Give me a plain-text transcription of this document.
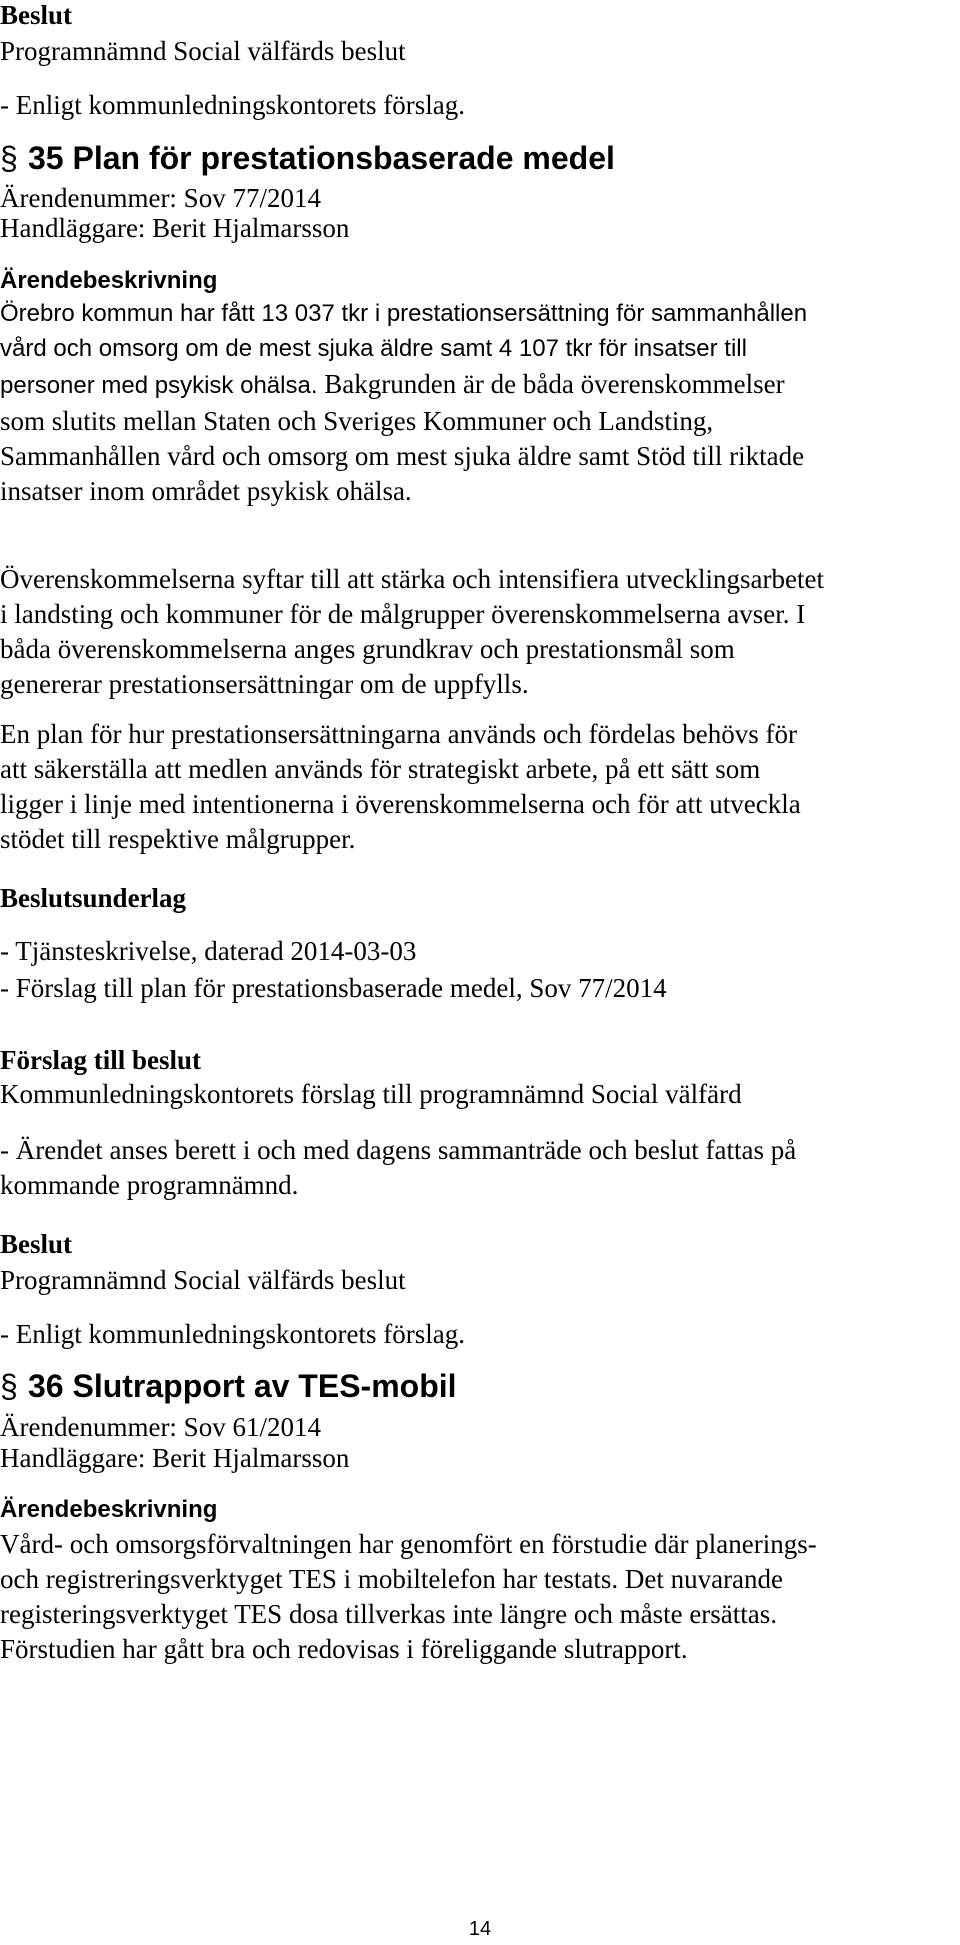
Beslut
Programnämnd Social välfärds beslut
- Enligt kommunledningskontorets förslag.
§ 35 Plan för prestationsbaserade medel
Ärendenummer: Sov 77/2014
Handläggare: Berit Hjalmarsson
Ärendebeskrivning
Örebro kommun har fått 13 037 tkr i prestationsersättning för sammanhållen
vård och omsorg om de mest sjuka äldre samt 4 107 tkr för insatser till
personer med psykisk ohälsa. Bakgrunden är de båda överenskommelser
som slutits mellan Staten och Sveriges Kommuner och Landsting,
Sammanhållen vård och omsorg om mest sjuka äldre samt Stöd till riktade
insatser inom området psykisk ohälsa.
Överenskommelserna syftar till att stärka och intensifiera utvecklingsarbetet
i landsting och kommuner för de målgrupper överenskommelserna avser. I
båda överenskommelserna anges grundkrav och prestationsmål som
genererar prestationsersättningar om de uppfylls.
En plan för hur prestationsersättningarna används och fördelas behövs för
att säkerställa att medlen används för strategiskt arbete, på ett sätt som
ligger i linje med intentionerna i överenskommelserna och för att utveckla
stödet till respektive målgrupper.
Beslutsunderlag
- Tjänsteskrivelse, daterad 2014-03-03
- Förslag till plan för prestationsbaserade medel, Sov 77/2014
Förslag till beslut
Kommunledningskontorets förslag till programnämnd Social välfärd
- Ärendet anses berett i och med dagens sammanträde och beslut fattas på
kommande programnämnd.
Beslut
Programnämnd Social välfärds beslut
- Enligt kommunledningskontorets förslag.
§ 36 Slutrapport av TES-mobil
Ärendenummer: Sov 61/2014
Handläggare: Berit Hjalmarsson
Ärendebeskrivning
Vård- och omsorgsförvaltningen har genomfört en förstudie där planerings-
och registreringsverktyget TES i mobiltelefon har testats. Det nuvarande
registeringsverktyget TES dosa tillverkas inte längre och måste ersättas.
Förstudien har gått bra och redovisas i föreliggande slutrapport.
14
